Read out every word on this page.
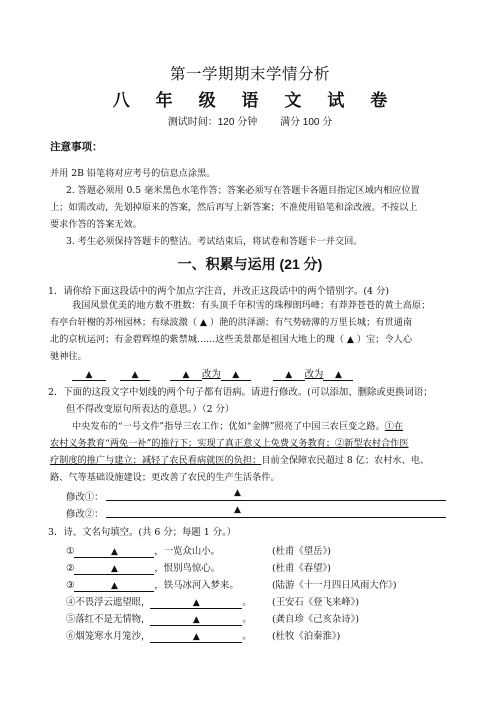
第一学期期末学情分析
八 年 级 语 文 试 卷
测试时间：120 分钟 满分 100 分
注意事项：
并用 2B 铅笔将对应考号的信息点涂黑。
2. 答题必须用 0.5 毫米黑色水笔作答；答案必须写在答题卡各题目指定区域内相应位置
上；如需改动，先划掉原来的答案，然后再写上新答案；不准使用铅笔和涂改液。不按以上
要求作答的答案无效。
3. 考生必须保持答题卡的整洁。考试结束后，将试卷和答题卡一并交回。
一、积累与运用 (21 分)
1．请你给下面这段话中的两个加点字注音，并改正这段话中的两个错别字。(4 分)
我国风景优美的地方数不胜数：有头顶千年积雪的珠穆朗玛峰；有莽莽苍苍的黄土高原；
有亭台轩榭的苏州园林；有绿波激（ ▲ ）滟的洪泽湖；有气势磅薄的万里长城；有贯通南
北的京杭运河；有金碧辉煌的紫禁城……这些美景都是祖国大地上的瑰（ ▲ ）宝；令人心
驰神往。
▲	▲	▲ 改为 ▲	▲ 改为 ▲
2．下面的这段文字中划线的两个句子都有语病。请进行修改。(可以添加、删除或更换词语；
但不得改变原句所表达的意思。）（2 分）
中央发布的“一号文件”指导三农工作；优如“金牌”照亮了中国三农巨变之路。①在
农村义务教育“两免一补”的推行下；实现了真正意义上免费义务教育；②新型农村合作医
疗制度的推广与建立；减轻了农民看病就医的负担；目前全保障农民超过 8 亿；农村水、电、
路、气等基础设施建设；更改善了农民的生产生活条件。
修改①：	▲
修改②：	▲
3．诗、文名句填空。(共 6 分；每题 1 分。）
①	▲	，一览众山小。	(杜甫《望岳》)
②	▲	，恨别鸟惊心。	(杜甫《春望》)
③	▲	，铁马冰河入梦来。	(陆游《十一月四日风雨大作》)
④不畏浮云遮望眼，	▲	。 (王安石《登飞来峰》)
⑤落红不是无情物，	▲	。 (龚自珍《己亥杂诗》)
⑥烟笼寒水月笼沙，	▲	。 (杜牧《泊秦淮》)
